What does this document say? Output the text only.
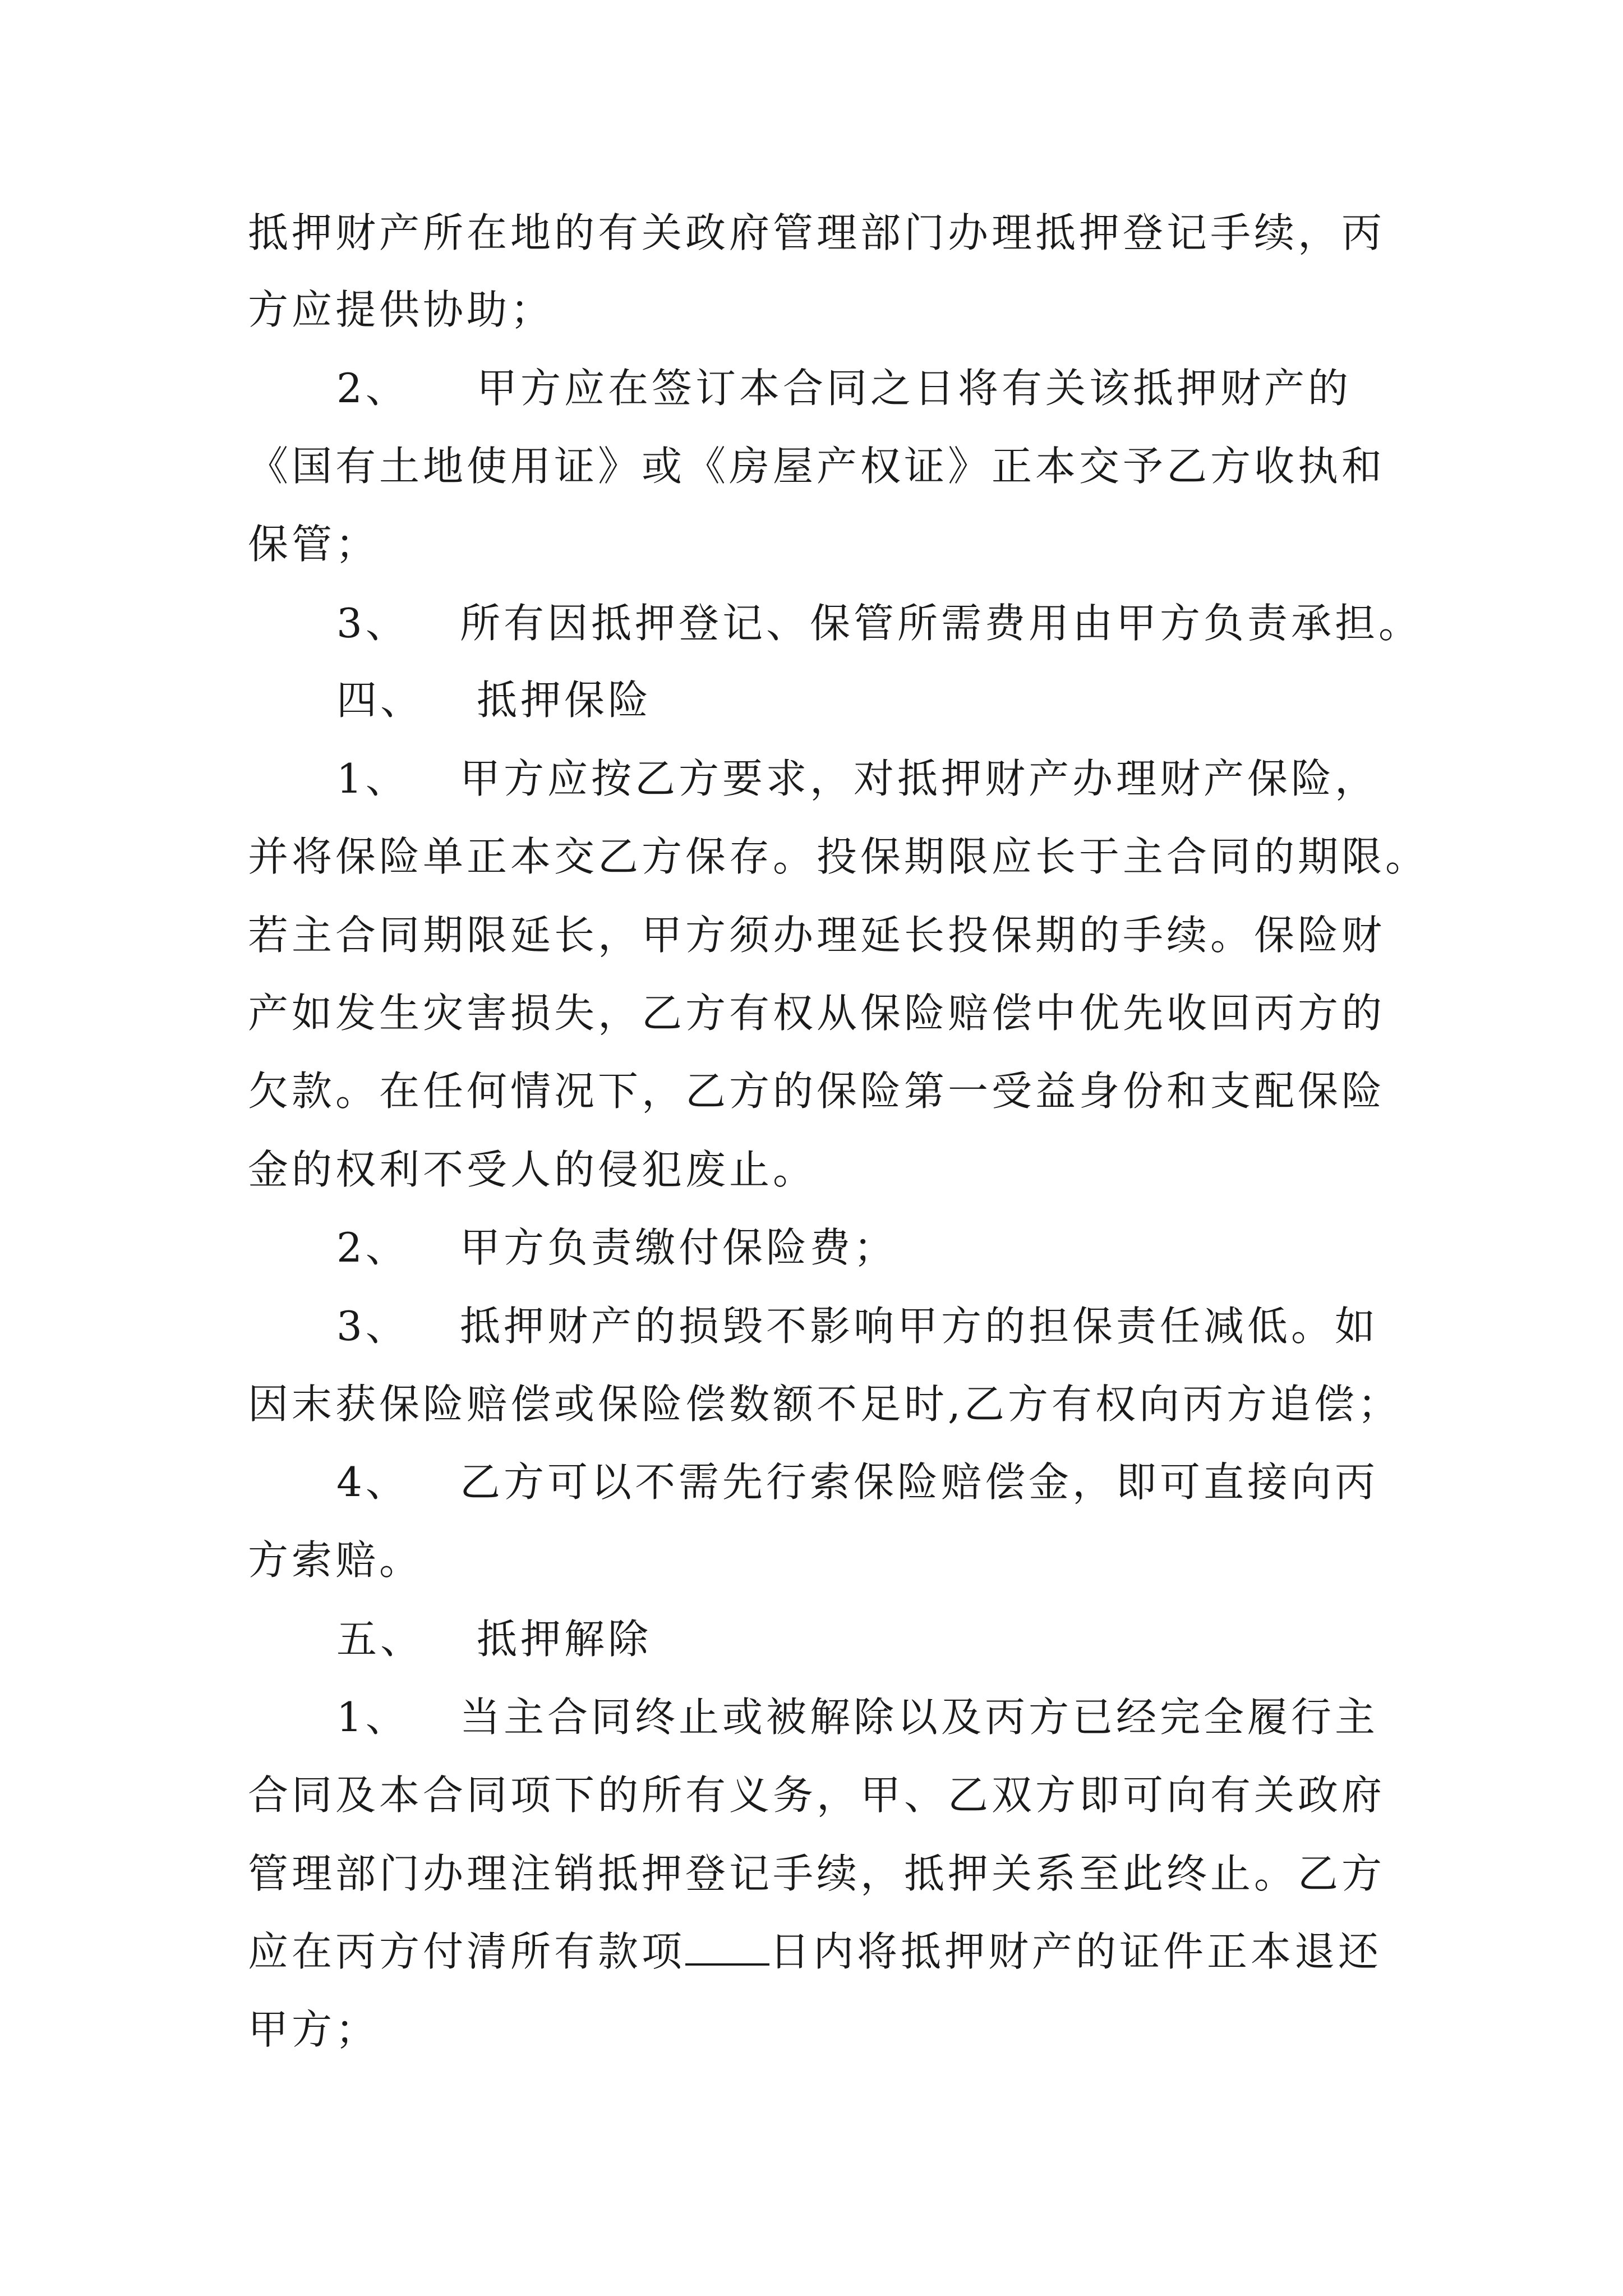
抵押财产所在地的有关政府管理部门办理抵押登记手续，丙
方应提供协助；
2、 甲方应在签订本合同之日将有关该抵押财产的
《国有土地使用证》或《房屋产权证》正本交予乙方收执和
保管；
3、 所有因抵押登记、保管所需费用由甲方负责承担。
四、 抵押保险
1、 甲方应按乙方要求，对抵押财产办理财产保险，
并将保险单正本交乙方保存。投保期限应长于主合同的期限。
若主合同期限延长，甲方须办理延长投保期的手续。保险财
产如发生灾害损失，乙方有权从保险赔偿中优先收回丙方的
欠款。在任何情况下，乙方的保险第一受益身份和支配保险
金的权利不受人的侵犯废止。
2、 甲方负责缴付保险费；
3、 抵押财产的损毁不影响甲方的担保责任减低。如
因末获保险赔偿或保险偿数额不足时,乙方有权向丙方追偿；
4、 乙方可以不需先行索保险赔偿金，即可直接向丙
方索赔。
五、 抵押解除
1、 当主合同终止或被解除以及丙方已经完全履行主
合同及本合同项下的所有义务，甲、乙双方即可向有关政府
管理部门办理注销抵押登记手续，抵押关系至此终止。乙方
应在丙方付清所有款项 日内将抵押财产的证件正本退还
甲方；
